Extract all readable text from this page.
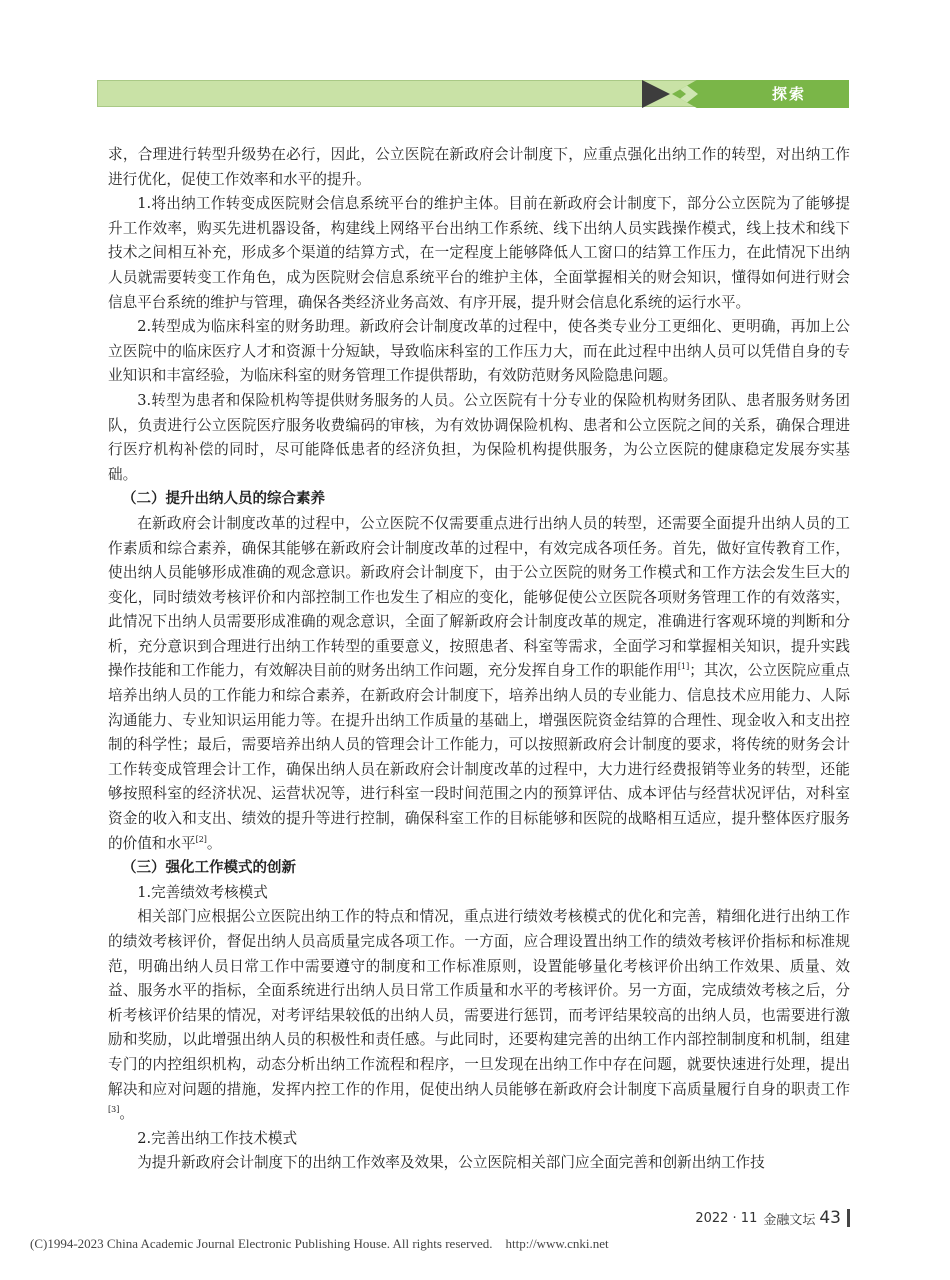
探索

求，合理进行转型升级势在必行，因此，公立医院在新政府会计制度下，应重点强化出纳工作的转型，对出纳工作进行优化，促使工作效率和水平的提升。

1.将出纳工作转变成医院财会信息系统平台的维护主体。目前在新政府会计制度下，部分公立医院为了能够提升工作效率，购买先进机器设备，构建线上网络平台出纳工作系统、线下出纳人员实践操作模式，线上技术和线下技术之间相互补充，形成多个渠道的结算方式，在一定程度上能够降低人工窗口的结算工作压力，在此情况下出纳人员就需要转变工作角色，成为医院财会信息系统平台的维护主体，全面掌握相关的财会知识，懂得如何进行财会信息平台系统的维护与管理，确保各类经济业务高效、有序开展，提升财会信息化系统的运行水平。

2.转型成为临床科室的财务助理。新政府会计制度改革的过程中，使各类专业分工更细化、更明确，再加上公立医院中的临床医疗人才和资源十分短缺，导致临床科室的工作压力大，而在此过程中出纳人员可以凭借自身的专业知识和丰富经验，为临床科室的财务管理工作提供帮助，有效防范财务风险隐患问题。

3.转型为患者和保险机构等提供财务服务的人员。公立医院有十分专业的保险机构财务团队、患者服务财务团队，负责进行公立医院医疗服务收费编码的审核，为有效协调保险机构、患者和公立医院之间的关系，确保合理进行医疗机构补偿的同时，尽可能降低患者的经济负担，为保险机构提供服务，为公立医院的健康稳定发展夯实基础。

（二）提升出纳人员的综合素养

在新政府会计制度改革的过程中，公立医院不仅需要重点进行出纳人员的转型，还需要全面提升出纳人员的工作素质和综合素养，确保其能够在新政府会计制度改革的过程中，有效完成各项任务。首先，做好宣传教育工作，使出纳人员能够形成准确的观念意识。新政府会计制度下，由于公立医院的财务工作模式和工作方法会发生巨大的变化，同时绩效考核评价和内部控制工作也发生了相应的变化，能够促使公立医院各项财务管理工作的有效落实，此情况下出纳人员需要形成准确的观念意识，全面了解新政府会计制度改革的规定，准确进行客观环境的判断和分析，充分意识到合理进行出纳工作转型的重要意义，按照患者、科室等需求，全面学习和掌握相关知识，提升实践操作技能和工作能力，有效解决目前的财务出纳工作问题，充分发挥自身工作的职能作用[1]；其次，公立医院应重点培养出纳人员的工作能力和综合素养，在新政府会计制度下，培养出纳人员的专业能力、信息技术应用能力、人际沟通能力、专业知识运用能力等。在提升出纳工作质量的基础上，增强医院资金结算的合理性、现金收入和支出控制的科学性；最后，需要培养出纳人员的管理会计工作能力，可以按照新政府会计制度的要求，将传统的财务会计工作转变成管理会计工作，确保出纳人员在新政府会计制度改革的过程中，大力进行经费报销等业务的转型，还能够按照科室的经济状况、运营状况等，进行科室一段时间范围之内的预算评估、成本评估与经营状况评估，对科室资金的收入和支出、绩效的提升等进行控制，确保科室工作的目标能够和医院的战略相互适应，提升整体医疗服务的价值和水平[2]。

（三）强化工作模式的创新

1.完善绩效考核模式

相关部门应根据公立医院出纳工作的特点和情况，重点进行绩效考核模式的优化和完善，精细化进行出纳工作的绩效考核评价，督促出纳人员高质量完成各项工作。一方面，应合理设置出纳工作的绩效考核评价指标和标准规范，明确出纳人员日常工作中需要遵守的制度和工作标准原则，设置能够量化考核评价出纳工作效果、质量、效益、服务水平的指标，全面系统进行出纳人员日常工作质量和水平的考核评价。另一方面，完成绩效考核之后，分析考核评价结果的情况，对考评结果较低的出纳人员，需要进行惩罚，而考评结果较高的出纳人员，也需要进行激励和奖励，以此增强出纳人员的积极性和责任感。与此同时，还要构建完善的出纳工作内部控制制度和机制，组建专门的内控组织机构，动态分析出纳工作流程和程序，一旦发现在出纳工作中存在问题，就要快速进行处理，提出解决和应对问题的措施，发挥内控工作的作用，促使出纳人员能够在新政府会计制度下高质量履行自身的职责工作[3]。

2.完善出纳工作技术模式

为提升新政府会计制度下的出纳工作效率及效果，公立医院相关部门应全面完善和创新出纳工作技

2022 · 11 金融文坛 43
(C)1994-2023 China Academic Journal Electronic Publishing House. All rights reserved.    http://www.cnki.net
